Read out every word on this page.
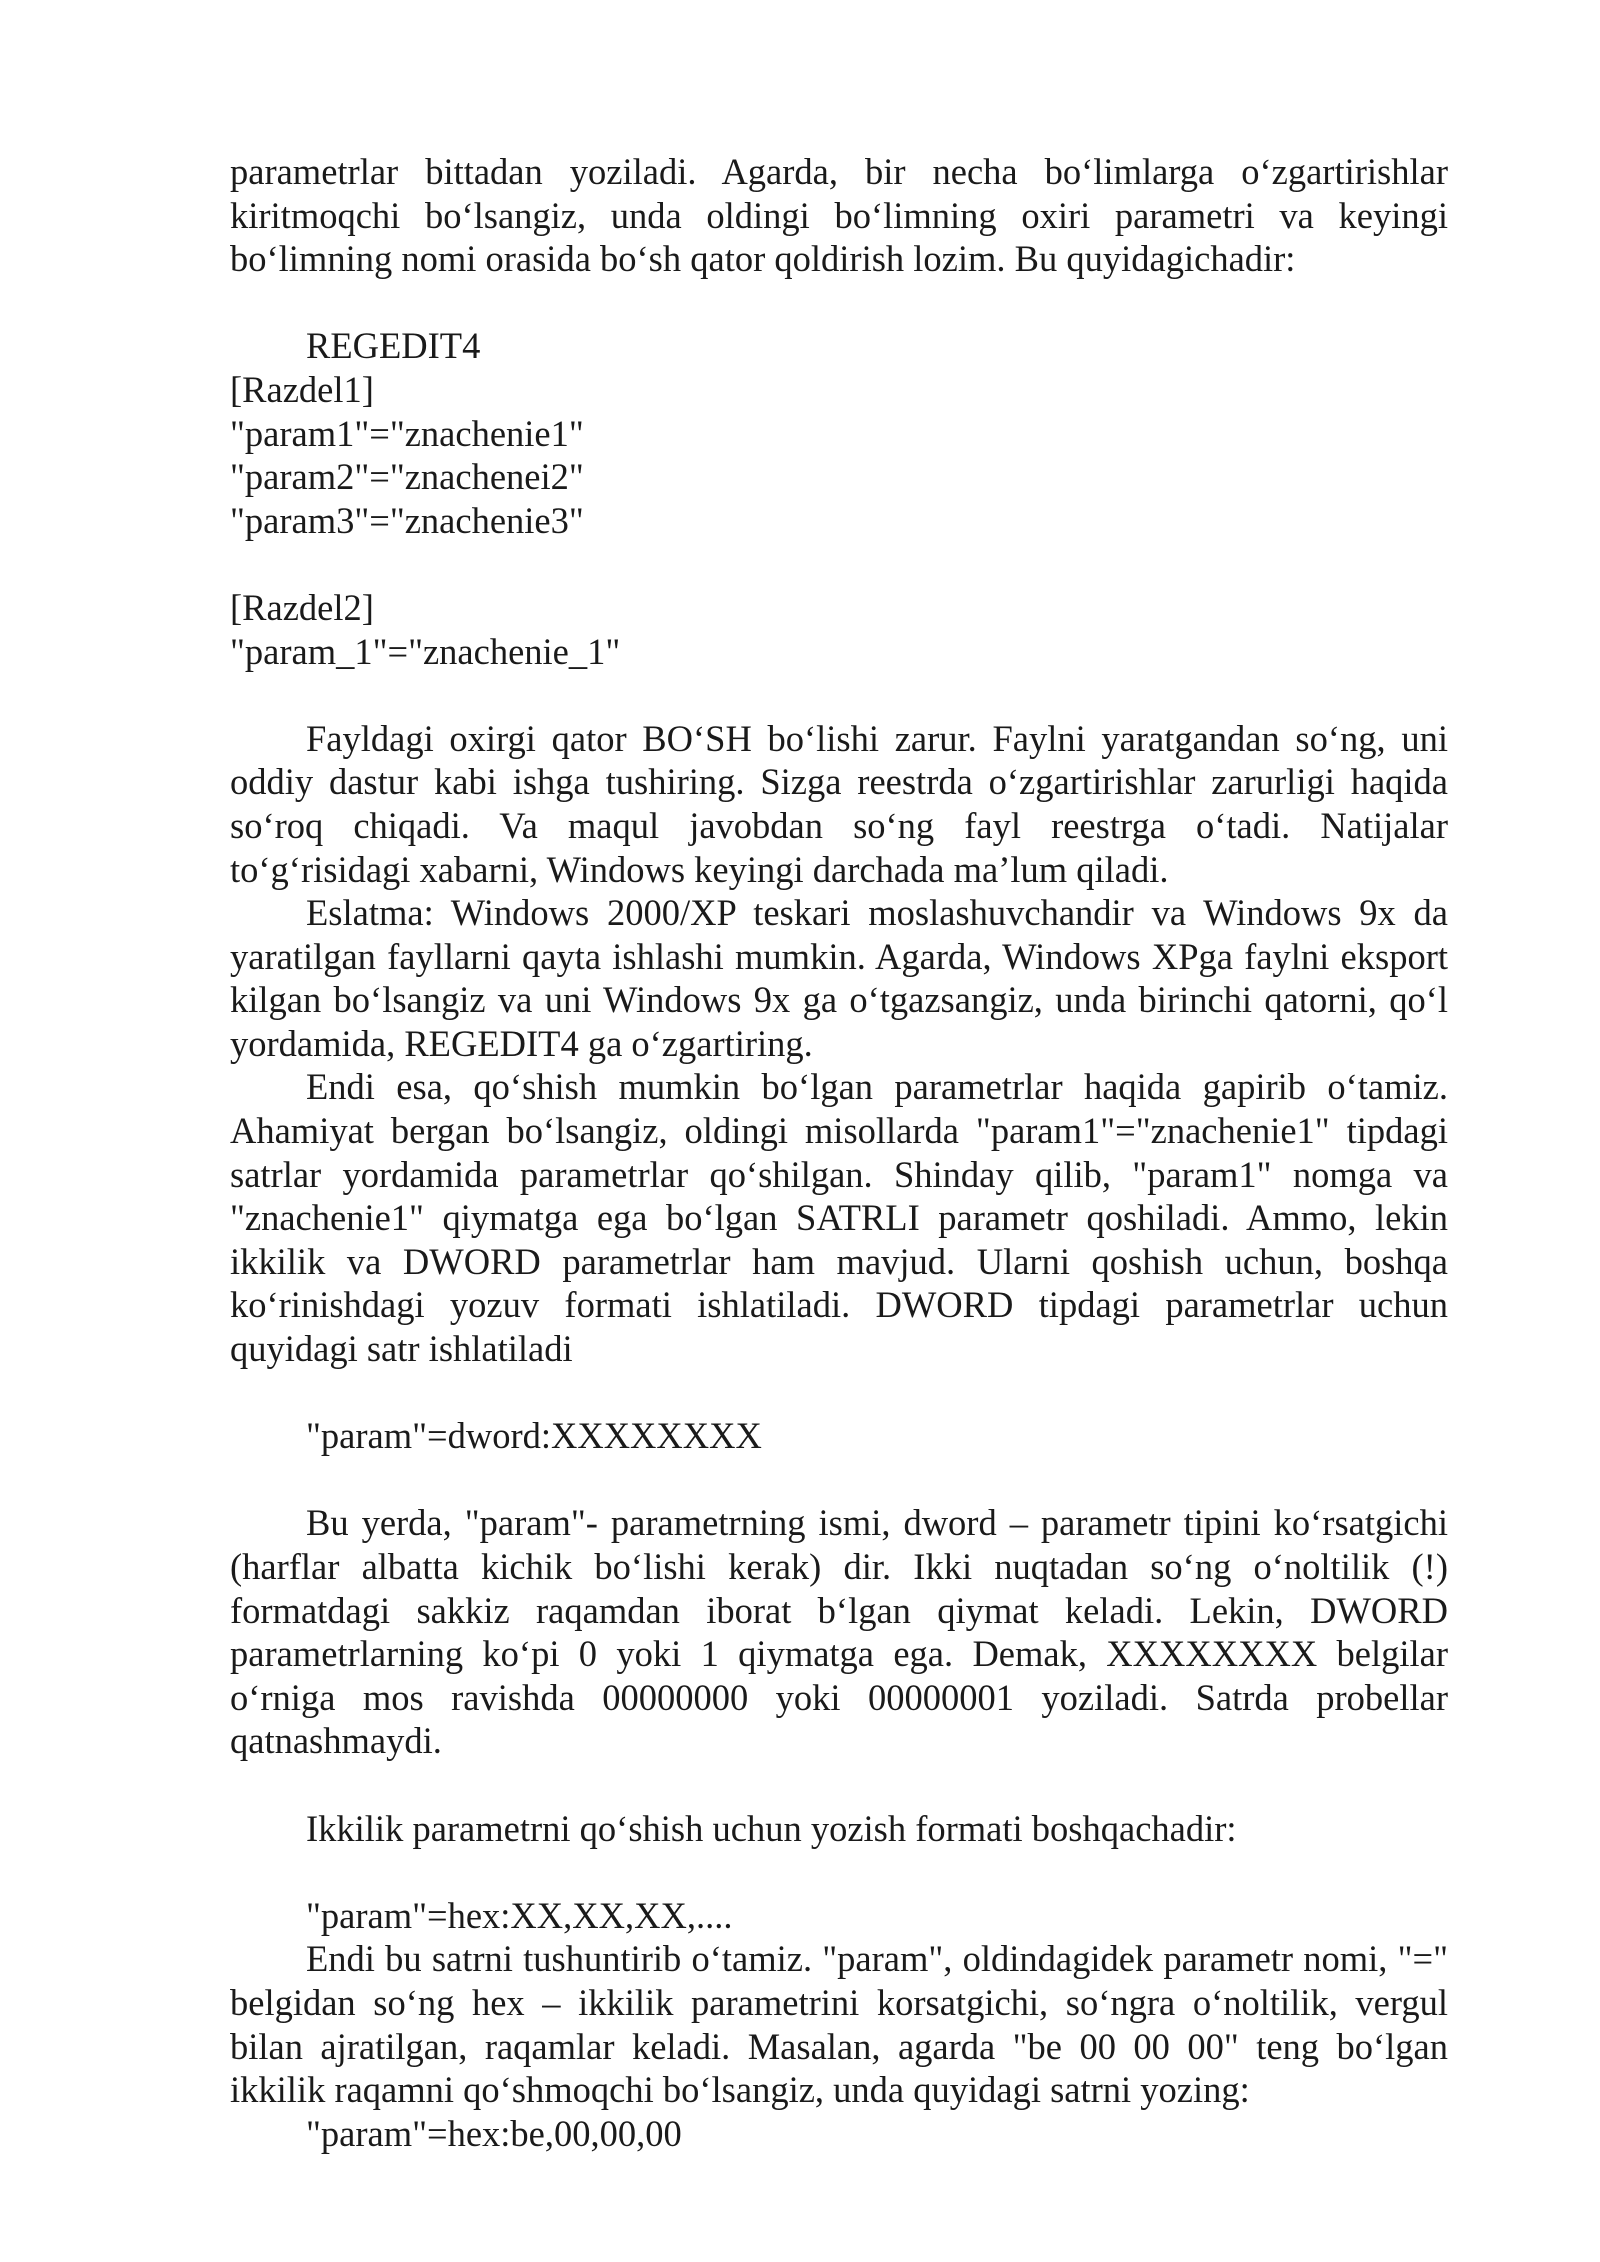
parametrlar bittadan yoziladi. Agarda, bir necha bo‘limlarga o‘zgartirishlar kiritmoqchi bo‘lsangiz, unda oldingi bo‘limning oxiri parametri va keyingi bo‘limning nomi orasida bo‘sh qator qoldirish lozim. Bu quyidagichadir:

REGEDIT4

[Razdel1]

"param1"="znachenie1"

"param2"="znachenei2"

"param3"="znachenie3"

[Razdel2]

"param_1"="znachenie_1"

Fayldagi oxirgi qator BO‘SH bo‘lishi zarur. Faylni yaratgandan so‘ng, uni oddiy dastur kabi ishga tushiring. Sizga reestrda o‘zgartirishlar zarurligi haqida so‘roq chiqadi. Va maqul javobdan so‘ng fayl reestrga o‘tadi. Natijalar to‘g‘risidagi xabarni, Windows keyingi darchada ma’lum qiladi.

Eslatma: Windows 2000/XP teskari moslashuvchandir va Windows 9x da yaratilgan fayllarni qayta ishlashi mumkin. Agarda, Windows XPga faylni eksport kilgan bo‘lsangiz va uni Windows 9x ga o‘tgazsangiz, unda birinchi qatorni, qo‘l yordamida, REGEDIT4 ga o‘zgartiring.

Endi esa, qo‘shish mumkin bo‘lgan parametrlar haqida gapirib o‘tamiz. Ahamiyat bergan bo‘lsangiz, oldingi misollarda "param1"="znachenie1" tipdagi satrlar yordamida parametrlar qo‘shilgan. Shinday qilib, "param1" nomga va "znachenie1" qiymatga ega bo‘lgan SATRLI parametr qoshiladi. Ammo, lekin ikkilik va DWORD parametrlar ham mavjud. Ularni qoshish uchun, boshqa ko‘rinishdagi yozuv formati ishlatiladi. DWORD tipdagi parametrlar uchun quyidagi satr ishlatiladi

"param"=dword:XXXXXXXX

Bu yerda, "param"- parametrning ismi, dword – parametr tipini ko‘rsatgichi (harflar albatta kichik bo‘lishi kerak) dir. Ikki nuqtadan so‘ng o‘noltilik (!) formatdagi sakkiz raqamdan iborat b‘lgan qiymat keladi. Lekin, DWORD parametrlarning ko‘pi 0 yoki 1 qiymatga ega. Demak, XXXXXXXX belgilar o‘rniga mos ravishda 00000000 yoki 00000001 yoziladi. Satrda probellar qatnashmaydi.

Ikkilik parametrni qo‘shish uchun yozish formati boshqachadir:

"param"=hex:XX,XX,XX,....

Endi bu satrni tushuntirib o‘tamiz. "param", oldindagidek parametr nomi, "=" belgidan so‘ng hex – ikkilik parametrini korsatgichi, so‘ngra o‘noltilik, vergul bilan ajratilgan, raqamlar keladi. Masalan, agarda "be 00 00 00" teng bo‘lgan ikkilik raqamni qo‘shmoqchi bo‘lsangiz, unda quyidagi satrni yozing:

"param"=hex:be,00,00,00
